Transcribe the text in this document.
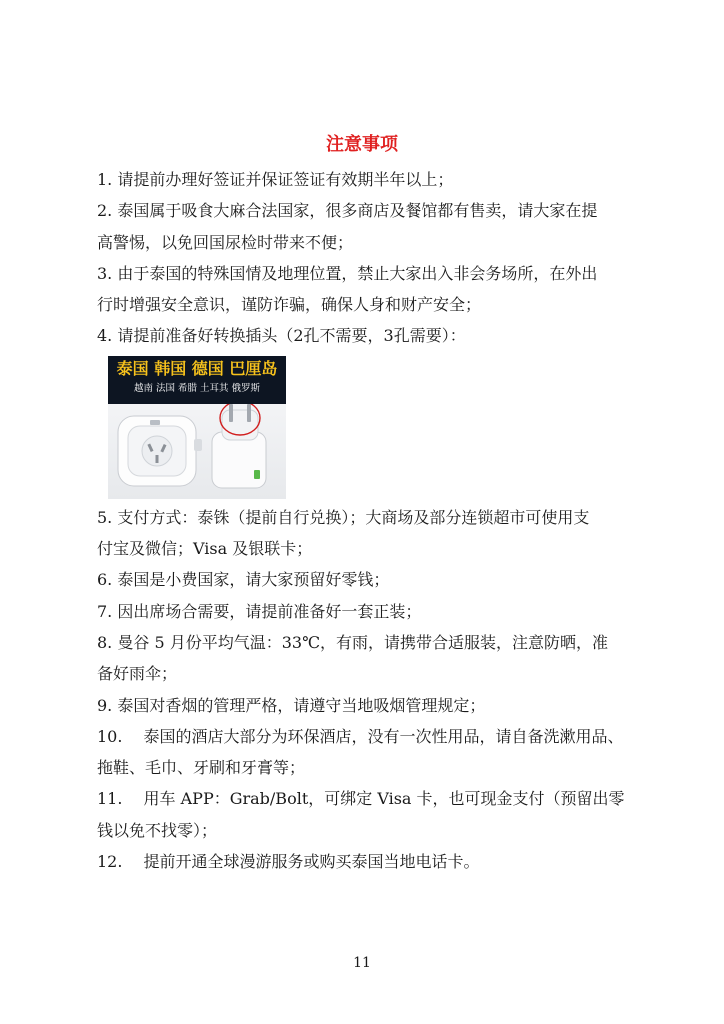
注意事项
1. 请提前办理好签证并保证签证有效期半年以上；
2. 泰国属于吸食大麻合法国家，很多商店及餐馆都有售卖，请大家在提
高警惕，以免回国尿检时带来不便；
3. 由于泰国的特殊国情及地理位置，禁止大家出入非会务场所，在外出
行时增强安全意识，谨防诈骗，确保人身和财产安全；
4. 请提前准备好转换插头（2孔不需要，3孔需要）：
泰国 韩国 德国 巴厘岛
越南 法国 希腊 土耳其 俄罗斯
5. 支付方式：泰铢（提前自行兑换）；大商场及部分连锁超市可使用支
付宝及微信；Visa 及银联卡；
6. 泰国是小费国家，请大家预留好零钱；
7. 因出席场合需要，请提前准备好一套正装；
8. 曼谷 5 月份平均气温：33℃，有雨，请携带合适服装，注意防晒，准
备好雨伞；
9. 泰国对香烟的管理严格，请遵守当地吸烟管理规定；
10.　 泰国的酒店大部分为环保酒店，没有一次性用品，请自备洗漱用品、
拖鞋、毛巾、牙刷和牙膏等；
11.　 用车 APP：Grab/Bolt，可绑定 Visa 卡，也可现金支付（预留出零
钱以免不找零）；
12.　 提前开通全球漫游服务或购买泰国当地电话卡。
11
